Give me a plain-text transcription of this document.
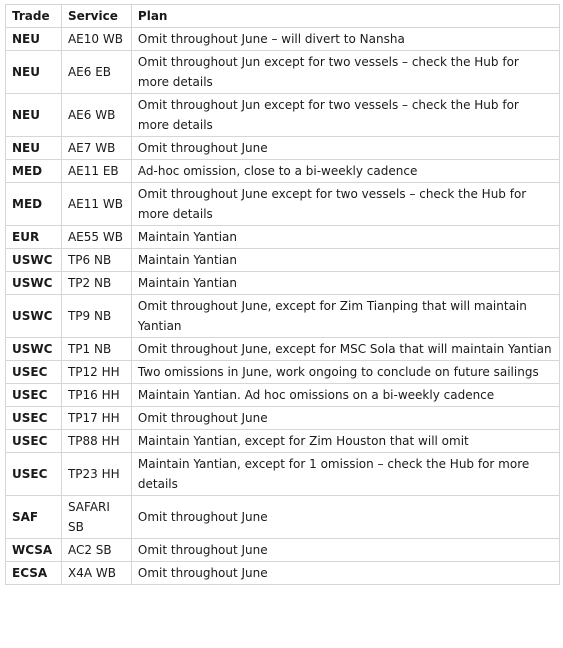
Trade	Service	Plan
NEU	AE10 WB	Omit throughout June – will divert to Nansha
NEU	AE6 EB	Omit throughout Jun except for two vessels – check the Hub for more details
NEU	AE6 WB	Omit throughout Jun except for two vessels – check the Hub for more details
NEU	AE7 WB	Omit throughout June
MED	AE11 EB	Ad-hoc omission, close to a bi-weekly cadence
MED	AE11 WB	Omit throughout June except for two vessels – check the Hub for more details
EUR	AE55 WB	Maintain Yantian
USWC	TP6 NB	Maintain Yantian
USWC	TP2 NB	Maintain Yantian
USWC	TP9 NB	Omit throughout June, except for Zim Tianping that will maintain Yantian
USWC	TP1 NB	Omit throughout June, except for MSC Sola that will maintain Yantian
USEC	TP12 HH	Two omissions in June, work ongoing to conclude on future sailings
USEC	TP16 HH	Maintain Yantian. Ad hoc omissions on a bi-weekly cadence
USEC	TP17 HH	Omit throughout June
USEC	TP88 HH	Maintain Yantian, except for Zim Houston that will omit
USEC	TP23 HH	Maintain Yantian, except for 1 omission – check the Hub for more details
SAF	SAFARI SB	Omit throughout June
WCSA	AC2 SB	Omit throughout June
ECSA	X4A WB	Omit throughout June
